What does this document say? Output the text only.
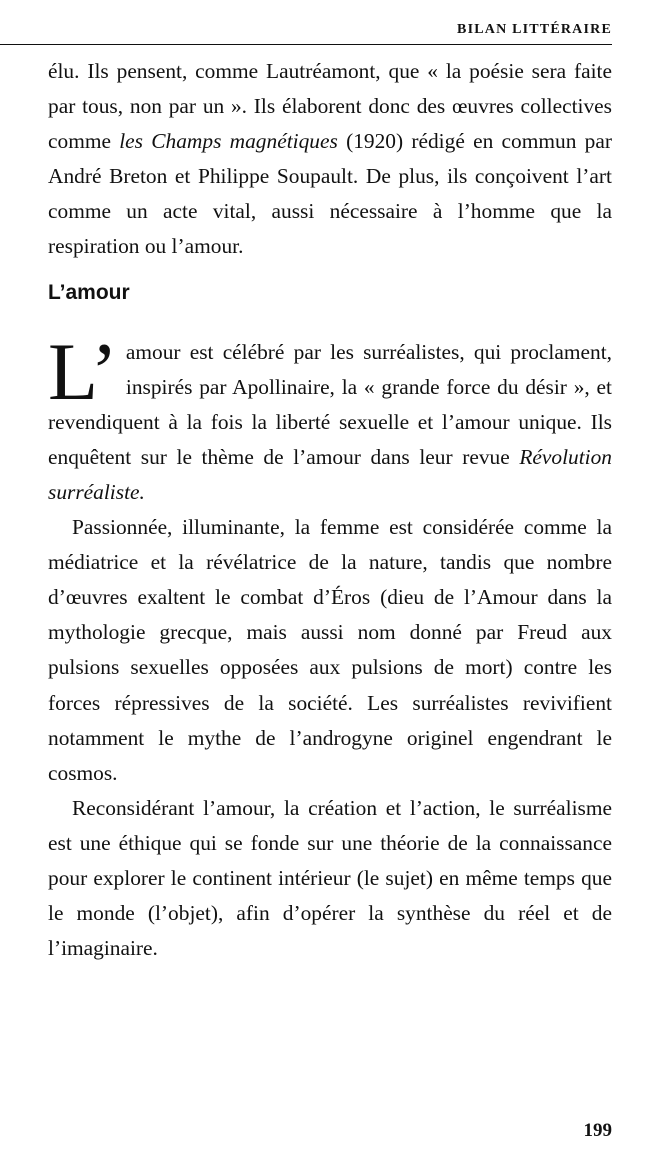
BILAN LITTÉRAIRE

élu. Ils pensent, comme Lautréamont, que « la poésie sera faite par tous, non par un ». Ils élaborent donc des œuvres collectives comme les Champs magnétiques (1920) rédigé en commun par André Breton et Philippe Soupault. De plus, ils conçoivent l’art comme un acte vital, aussi nécessaire à l’homme que la respiration ou l’amour.

L’amour

L’ amour est célébré par les surréalistes, qui proclament, inspirés par Apollinaire, la « grande force du désir », et revendiquent à la fois la liberté sexuelle et l’amour unique. Ils enquêtent sur le thème de l’amour dans leur revue Révolution surréaliste.

Passionnée, illuminante, la femme est considérée comme la médiatrice et la révélatrice de la nature, tandis que nombre d’œuvres exaltent le combat d’Éros (dieu de l’Amour dans la mythologie grecque, mais aussi nom donné par Freud aux pulsions sexuelles opposées aux pulsions de mort) contre les forces répressives de la société. Les surréalistes revivifient notamment le mythe de l’androgyne originel engendrant le cosmos.

Reconsidérant l’amour, la création et l’action, le surréalisme est une éthique qui se fonde sur une théorie de la connaissance pour explorer le continent intérieur (le sujet) en même temps que le monde (l’objet), afin d’opérer la synthèse du réel et de l’imaginaire.

199
